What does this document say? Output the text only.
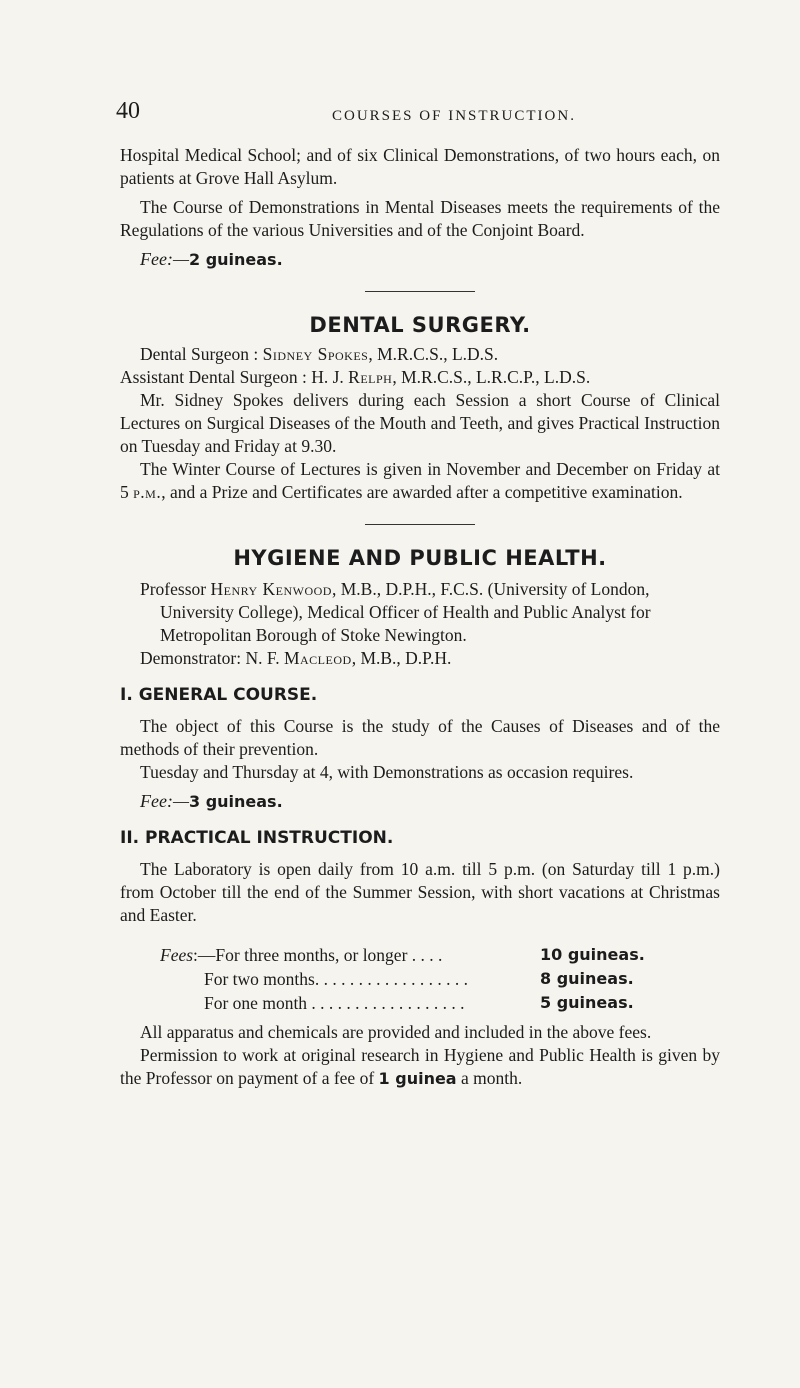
40	COURSES OF INSTRUCTION.

Hospital Medical School; and of six Clinical Demonstrations, of two hours each, on patients at Grove Hall Asylum.

The Course of Demonstrations in Mental Diseases meets the requirements of the Regulations of the various Universities and of the Conjoint Board.

Fee:—2 guineas.

DENTAL SURGERY.

Dental Surgeon : Sidney Spokes, M.R.C.S., L.D.S.

Assistant Dental Surgeon : H. J. Relph, M.R.C.S., L.R.C.P., L.D.S.

Mr. Sidney Spokes delivers during each Session a short Course of Clinical Lectures on Surgical Diseases of the Mouth and Teeth, and gives Practical Instruction on Tuesday and Friday at 9.30.

The Winter Course of Lectures is given in November and December on Friday at 5 p.m., and a Prize and Certificates are awarded after a competitive examination.

HYGIENE AND PUBLIC HEALTH.

Professor Henry Kenwood, M.B., D.P.H., F.C.S. (University of London, University College), Medical Officer of Health and Public Analyst for Metropolitan Borough of Stoke Newington.

Demonstrator: N. F. Macleod, M.B., D.P.H.

I. GENERAL COURSE.

The object of this Course is the study of the Causes of Diseases and of the methods of their prevention.

Tuesday and Thursday at 4, with Demonstrations as occasion requires.

Fee:—3 guineas.

II. PRACTICAL INSTRUCTION.

The Laboratory is open daily from 10 a.m. till 5 p.m. (on Saturday till 1 p.m.) from October till the end of the Summer Session, with short vacations at Christmas and Easter.

Fees:—For three months, or longer . . . .	10 guineas.
For two months. . . . . . . . . . . . . . . . . .	8 guineas.
For one month . . . . . . . . . . . . . . . . . .	5 guineas.

All apparatus and chemicals are provided and included in the above fees.

Permission to work at original research in Hygiene and Public Health is given by the Professor on payment of a fee of 1 guinea a month.
